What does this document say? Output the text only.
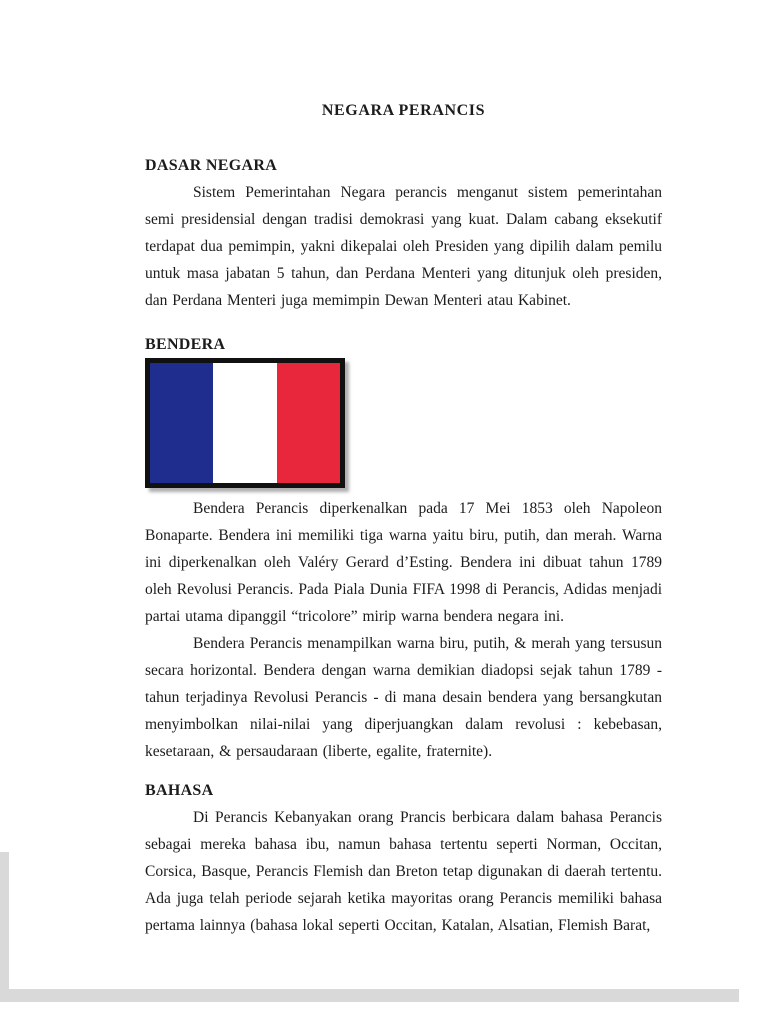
NEGARA PERANCIS
DASAR NEGARA

Sistem Pemerintahan Negara perancis menganut sistem pemerintahan semi presidensial dengan tradisi demokrasi yang kuat. Dalam cabang eksekutif terdapat dua pemimpin, yakni dikepalai oleh Presiden yang dipilih dalam pemilu untuk masa jabatan 5 tahun, dan Perdana Menteri yang ditunjuk oleh presiden, dan Perdana Menteri juga memimpin Dewan Menteri atau Kabinet.

BENDERA

Bendera Perancis diperkenalkan pada 17 Mei 1853 oleh Napoleon Bonaparte. Bendera ini memiliki tiga warna yaitu biru, putih, dan merah. Warna ini diperkenalkan oleh Valéry Gerard d’Esting. Bendera ini dibuat tahun 1789 oleh Revolusi Perancis. Pada Piala Dunia FIFA 1998 di Perancis, Adidas menjadi partai utama dipanggil “tricolore” mirip warna bendera negara ini.

Bendera Perancis menampilkan warna biru, putih, & merah yang tersusun secara horizontal. Bendera dengan warna demikian diadopsi sejak tahun 1789 - tahun terjadinya Revolusi Perancis - di mana desain bendera yang bersangkutan menyimbolkan nilai-nilai yang diperjuangkan dalam revolusi : kebebasan, kesetaraan, & persaudaraan (liberte, egalite, fraternite).

BAHASA

Di Perancis Kebanyakan orang Prancis berbicara dalam bahasa Perancis sebagai mereka bahasa ibu, namun bahasa tertentu seperti Norman, Occitan, Corsica, Basque, Perancis Flemish dan Breton tetap digunakan di daerah tertentu. Ada juga telah periode sejarah ketika mayoritas orang Perancis memiliki bahasa pertama lainnya (bahasa lokal seperti Occitan, Katalan, Alsatian, Flemish Barat,
